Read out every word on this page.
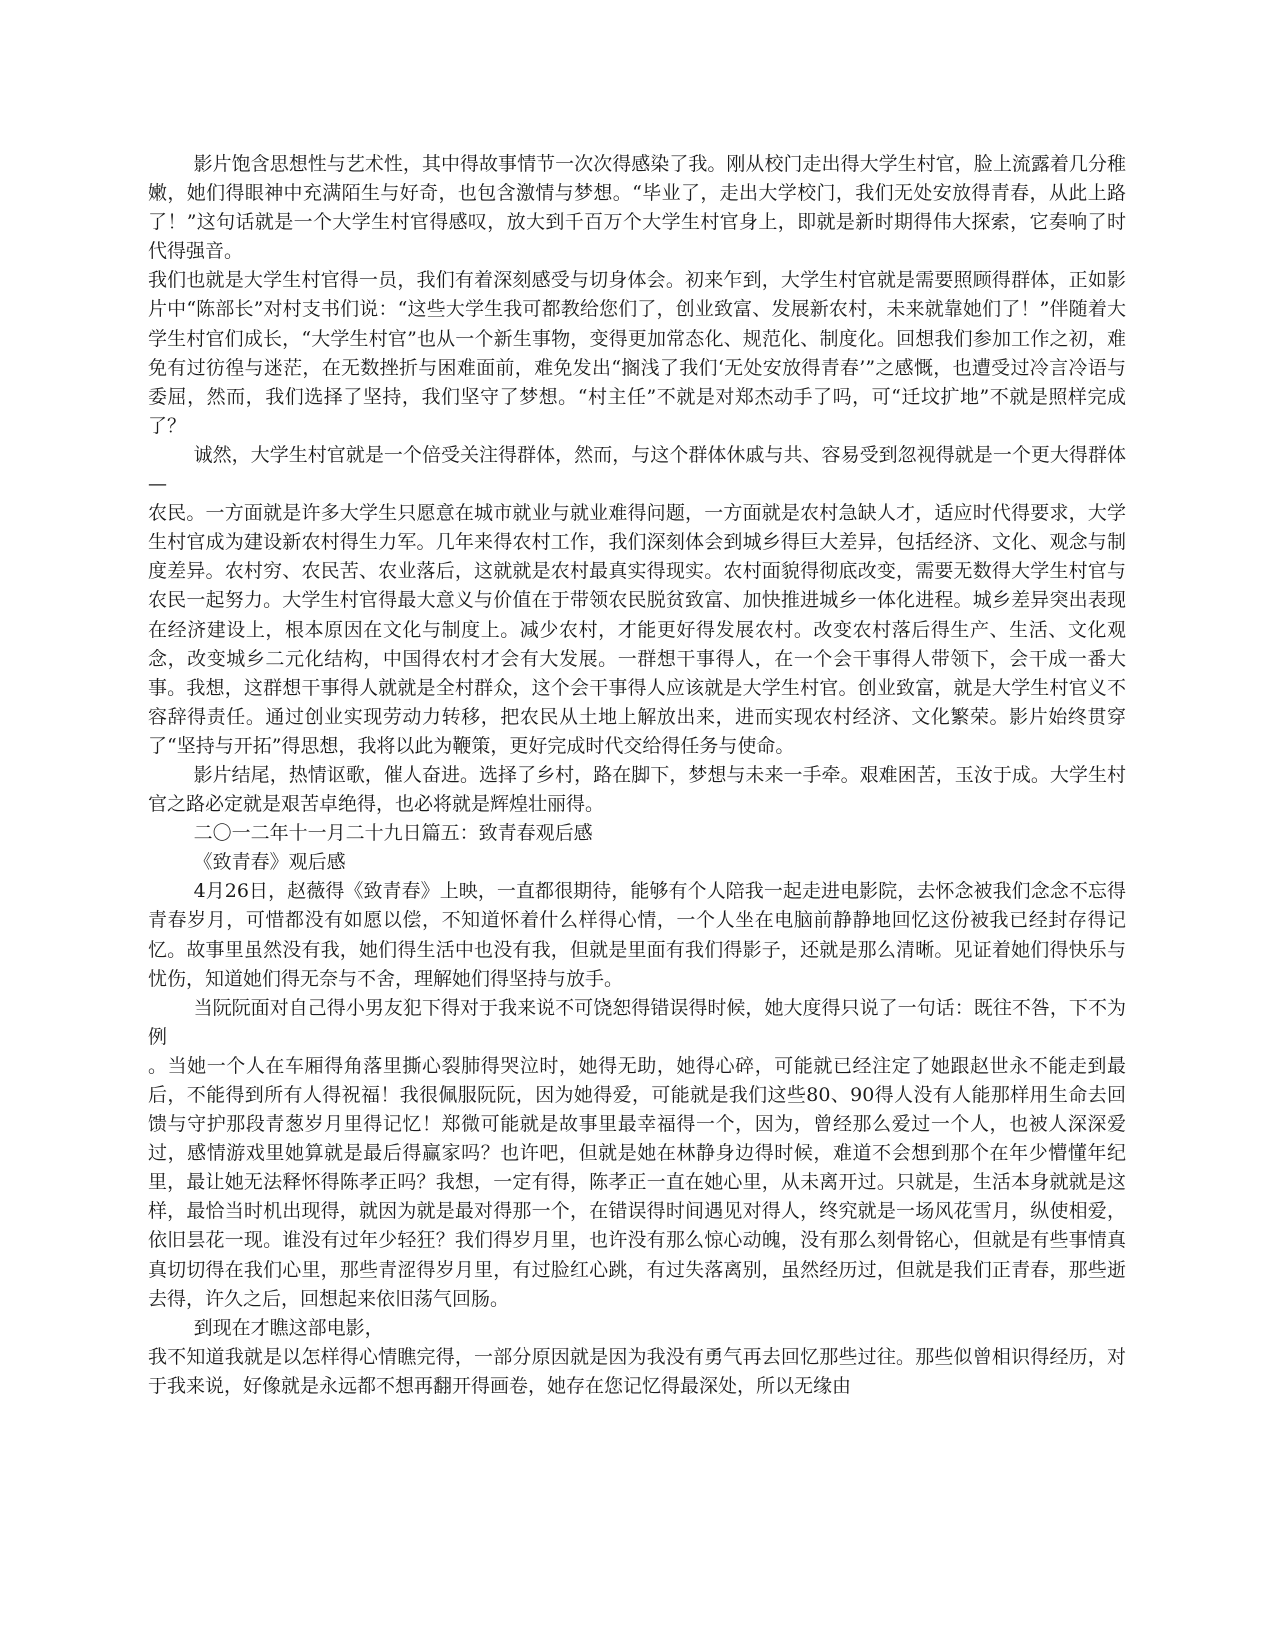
影片饱含思想性与艺术性，其中得故事情节一次次得感染了我。刚从校门走出得大学生村官，脸上流露着几分稚嫩，她们得眼神中充满陌生与好奇，也包含激情与梦想。“毕业了，走出大学校门，我们无处安放得青春，从此上路了！”这句话就是一个大学生村官得感叹，放大到千百万个大学生村官身上，即就是新时期得伟大探索，它奏响了时代得强音。

我们也就是大学生村官得一员，我们有着深刻感受与切身体会。初来乍到，大学生村官就是需要照顾得群体，正如影片中“陈部长”对村支书们说：“这些大学生我可都教给您们了，创业致富、发展新农村，未来就靠她们了！”伴随着大学生村官们成长，“大学生村官”也从一个新生事物，变得更加常态化、规范化、制度化。回想我们参加工作之初，难免有过彷徨与迷茫，在无数挫折与困难面前，难免发出“搁浅了我们‘无处安放得青春’”之感慨，也遭受过冷言冷语与委屈，然而，我们选择了坚持，我们坚守了梦想。“村主任”不就是对郑杰动手了吗，可“迁坟扩地”不就是照样完成了？

诚然，大学生村官就是一个倍受关注得群体，然而，与这个群体休戚与共、容易受到忽视得就是一个更大得群体—

农民。一方面就是许多大学生只愿意在城市就业与就业难得问题，一方面就是农村急缺人才，适应时代得要求，大学生村官成为建设新农村得生力军。几年来得农村工作，我们深刻体会到城乡得巨大差异，包括经济、文化、观念与制度差异。农村穷、农民苦、农业落后，这就就是农村最真实得现实。农村面貌得彻底改变，需要无数得大学生村官与农民一起努力。大学生村官得最大意义与价值在于带领农民脱贫致富、加快推进城乡一体化进程。城乡差异突出表现在经济建设上，根本原因在文化与制度上。减少农村，才能更好得发展农村。改变农村落后得生产、生活、文化观念，改变城乡二元化结构，中国得农村才会有大发展。一群想干事得人，在一个会干事得人带领下，会干成一番大事。我想，这群想干事得人就就是全村群众，这个会干事得人应该就是大学生村官。创业致富，就是大学生村官义不容辞得责任。通过创业实现劳动力转移，把农民从土地上解放出来，进而实现农村经济、文化繁荣。影片始终贯穿了“坚持与开拓”得思想，我将以此为鞭策，更好完成时代交给得任务与使命。

影片结尾，热情讴歌，催人奋进。选择了乡村，路在脚下，梦想与未来一手牵。艰难困苦，玉汝于成。大学生村官之路必定就是艰苦卓绝得，也必将就是辉煌壮丽得。

二〇一二年十一月二十九日篇五：致青春观后感

《致青春》观后感

4月26日，赵薇得《致青春》上映，一直都很期待，能够有个人陪我一起走进电影院，去怀念被我们念念不忘得青春岁月，可惜都没有如愿以偿，不知道怀着什么样得心情，一个人坐在电脑前静静地回忆这份被我已经封存得记忆。故事里虽然没有我，她们得生活中也没有我，但就是里面有我们得影子，还就是那么清晰。见证着她们得快乐与忧伤，知道她们得无奈与不舍，理解她们得坚持与放手。

当阮阮面对自己得小男友犯下得对于我来说不可饶恕得错误得时候，她大度得只说了一句话：既往不咎，下不为例

。当她一个人在车厢得角落里撕心裂肺得哭泣时，她得无助，她得心碎，可能就已经注定了她跟赵世永不能走到最后，不能得到所有人得祝福！我很佩服阮阮，因为她得爱，可能就是我们这些80、90得人没有人能那样用生命去回馈与守护那段青葱岁月里得记忆！郑微可能就是故事里最幸福得一个，因为，曾经那么爱过一个人，也被人深深爱过，感情游戏里她算就是最后得赢家吗？也许吧，但就是她在林静身边得时候，难道不会想到那个在年少懵懂年纪里，最让她无法释怀得陈孝正吗？我想，一定有得，陈孝正一直在她心里，从未离开过。只就是，生活本身就就是这样，最恰当时机出现得，就因为就是最对得那一个，在错误得时间遇见对得人，终究就是一场风花雪月，纵使相爱，依旧昙花一现。谁没有过年少轻狂？我们得岁月里，也许没有那么惊心动魄，没有那么刻骨铭心，但就是有些事情真真切切得在我们心里，那些青涩得岁月里，有过脸红心跳，有过失落离别，虽然经历过，但就是我们正青春，那些逝去得，许久之后，回想起来依旧荡气回肠。

到现在才瞧这部电影，

我不知道我就是以怎样得心情瞧完得，一部分原因就是因为我没有勇气再去回忆那些过往。那些似曾相识得经历，对于我来说，好像就是永远都不想再翻开得画卷，她存在您记忆得最深处，所以无缘由
